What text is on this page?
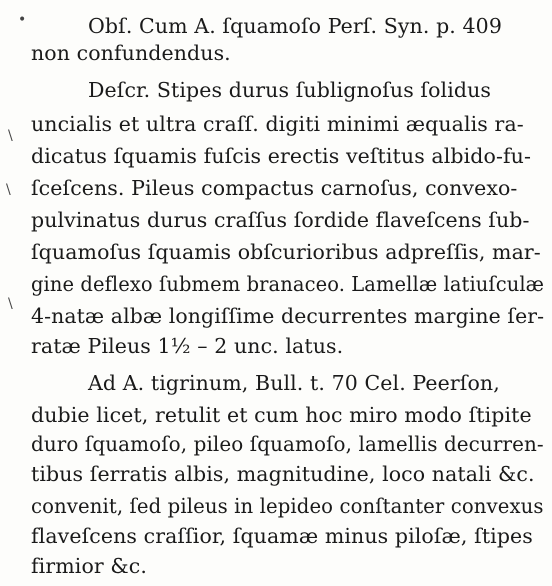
•
\
\
\
Obſ. Cum A. ſquamoſo Perſ. Syn. p. 409
non confundendus.
Deſcr. Stipes durus ſublignoſus ſolidus
uncialis et ultra craſſ. digiti minimi æqualis ra-
dicatus ſquamis fuſcis erectis veſtitus albido-fu-
ſceſcens. Pileus compactus carnoſus, convexo-
pulvinatus durus craſſus ſordide flaveſcens ſub-
ſquamoſus ſquamis obſcurioribus adpreſſis, mar-
gine deflexo ſubmem branaceo. Lamellæ latiuſculæ
4-natæ albæ longiſſime decurrentes margine ſer-
ratæ Pileus 1½ – 2 unc. latus.
Ad A. tigrinum, Bull. t. 70 Cel. Peerſon,
dubie licet, retulit et cum hoc miro modo ſtipite
duro ſquamoſo, pileo ſquamoſo, lamellis decurren-
tibus ſerratis albis, magnitudine, loco natali &c.
convenit, ſed pileus in lepideo conſtanter convexus
flaveſcens craſſior, ſquamæ minus piloſæ, ſtipes
firmior &c.
